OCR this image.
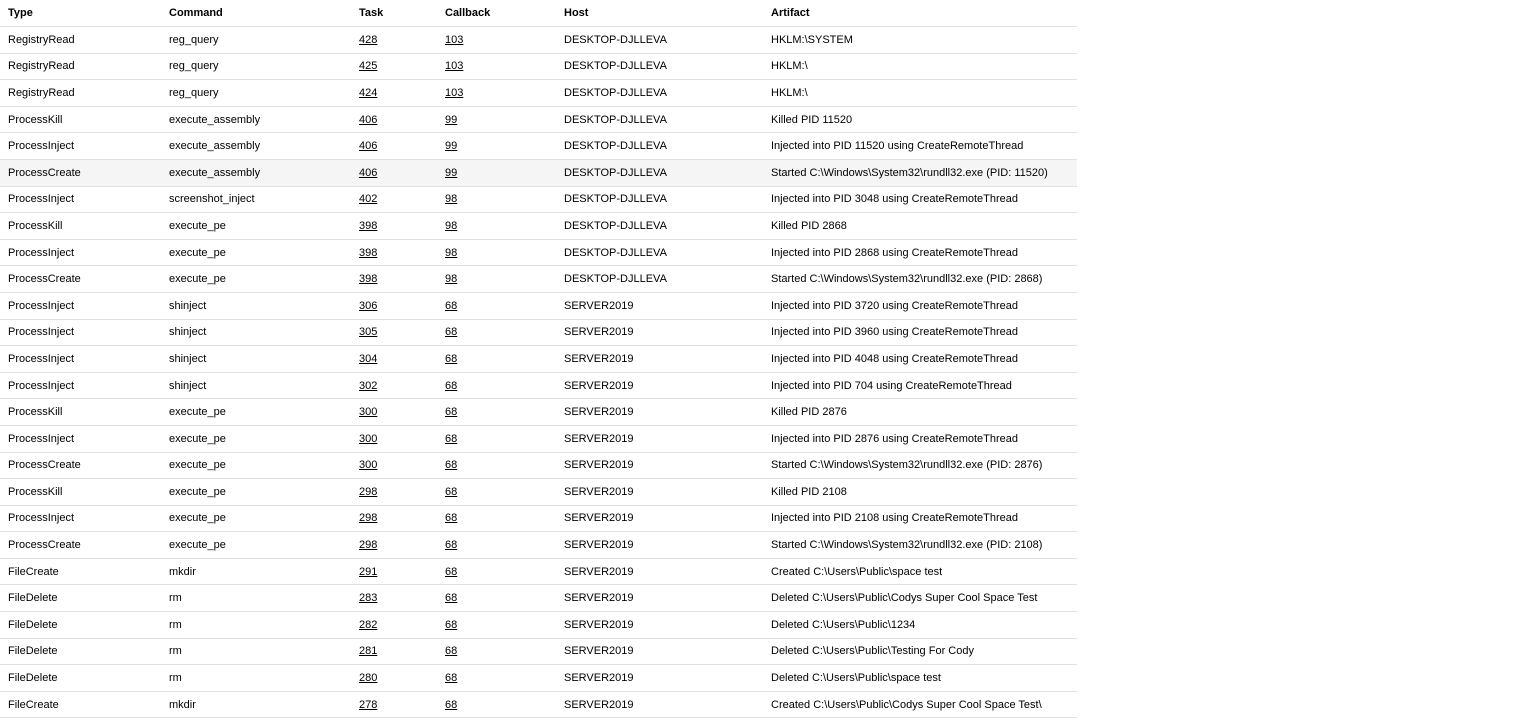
Type	Command	Task	Callback	Host	Artifact
RegistryRead	reg_query	428	103	DESKTOP-DJLLEVA	HKLM:\SYSTEM
RegistryRead	reg_query	425	103	DESKTOP-DJLLEVA	HKLM:\
RegistryRead	reg_query	424	103	DESKTOP-DJLLEVA	HKLM:\
ProcessKill	execute_assembly	406	99	DESKTOP-DJLLEVA	Killed PID 11520
ProcessInject	execute_assembly	406	99	DESKTOP-DJLLEVA	Injected into PID 11520 using CreateRemoteThread
ProcessCreate	execute_assembly	406	99	DESKTOP-DJLLEVA	Started C:\Windows\System32\rundll32.exe (PID: 11520)
ProcessInject	screenshot_inject	402	98	DESKTOP-DJLLEVA	Injected into PID 3048 using CreateRemoteThread
ProcessKill	execute_pe	398	98	DESKTOP-DJLLEVA	Killed PID 2868
ProcessInject	execute_pe	398	98	DESKTOP-DJLLEVA	Injected into PID 2868 using CreateRemoteThread
ProcessCreate	execute_pe	398	98	DESKTOP-DJLLEVA	Started C:\Windows\System32\rundll32.exe (PID: 2868)
ProcessInject	shinject	306	68	SERVER2019	Injected into PID 3720 using CreateRemoteThread
ProcessInject	shinject	305	68	SERVER2019	Injected into PID 3960 using CreateRemoteThread
ProcessInject	shinject	304	68	SERVER2019	Injected into PID 4048 using CreateRemoteThread
ProcessInject	shinject	302	68	SERVER2019	Injected into PID 704 using CreateRemoteThread
ProcessKill	execute_pe	300	68	SERVER2019	Killed PID 2876
ProcessInject	execute_pe	300	68	SERVER2019	Injected into PID 2876 using CreateRemoteThread
ProcessCreate	execute_pe	300	68	SERVER2019	Started C:\Windows\System32\rundll32.exe (PID: 2876)
ProcessKill	execute_pe	298	68	SERVER2019	Killed PID 2108
ProcessInject	execute_pe	298	68	SERVER2019	Injected into PID 2108 using CreateRemoteThread
ProcessCreate	execute_pe	298	68	SERVER2019	Started C:\Windows\System32\rundll32.exe (PID: 2108)
FileCreate	mkdir	291	68	SERVER2019	Created C:\Users\Public\space test
FileDelete	rm	283	68	SERVER2019	Deleted C:\Users\Public\Codys Super Cool Space Test
FileDelete	rm	282	68	SERVER2019	Deleted C:\Users\Public\1234
FileDelete	rm	281	68	SERVER2019	Deleted C:\Users\Public\Testing For Cody
FileDelete	rm	280	68	SERVER2019	Deleted C:\Users\Public\space test
FileCreate	mkdir	278	68	SERVER2019	Created C:\Users\Public\Codys Super Cool Space Test\
